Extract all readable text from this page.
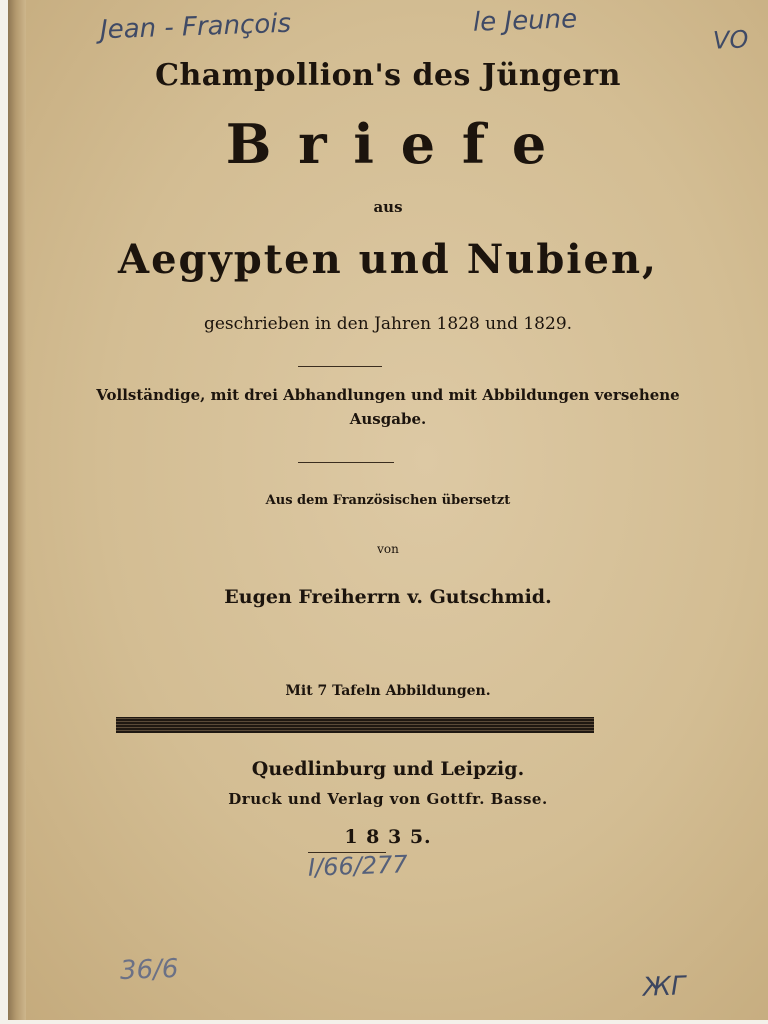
Jean - François	le Jeune
VO
Champollion's des Jüngern
B r i e f e
aus
Aegypten und Nubien,
geschrieben in den Jahren 1828 und 1829.
Vollständige, mit drei Abhandlungen und mit Abbildungen versehene
Ausgabe.
Aus dem Französischen übersetzt
von
Eugen Freiherrn v. Gutschmid.
Mit 7 Tafeln Abbildungen.
Quedlinburg und Leipzig.
Druck und Verlag von Gottfr. Basse.
1 8 3 5.
I/66/277
36/6
ЖГ
